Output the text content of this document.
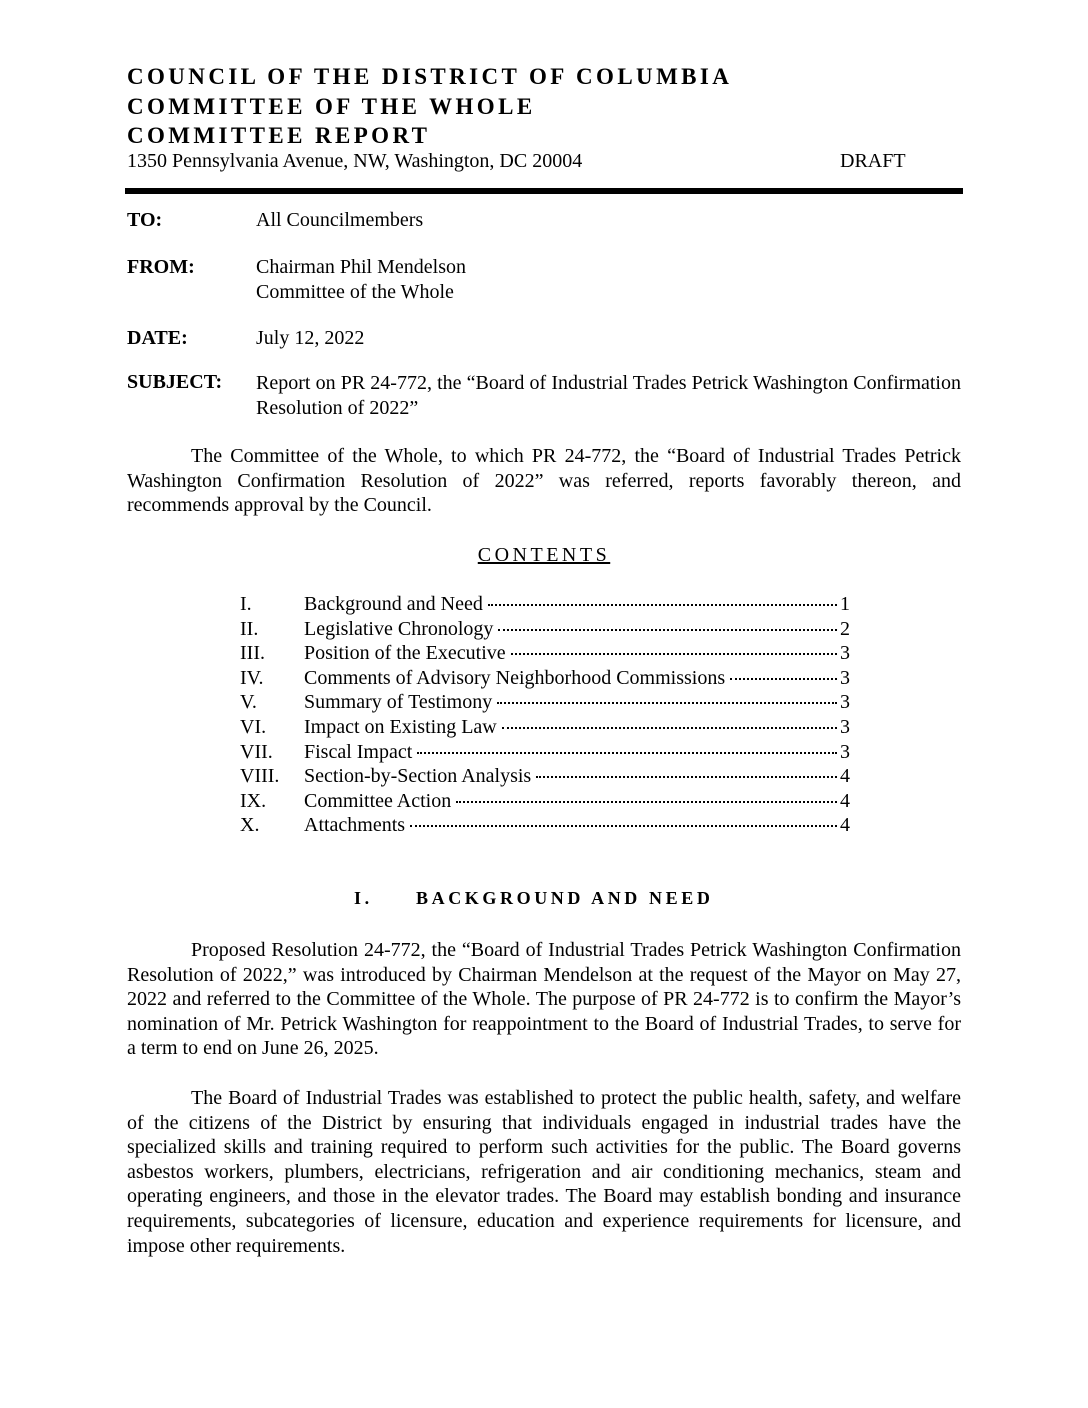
COUNCIL OF THE DISTRICT OF COLUMBIA
COMMITTEE OF THE WHOLE
COMMITTEE REPORT
1350 Pennsylvania Avenue, NW, Washington, DC 20004	DRAFT
TO:	All Councilmembers
FROM:	Chairman Phil Mendelson
Committee of the Whole
DATE:	July 12, 2022
SUBJECT: Report on PR 24-772, the “Board of Industrial Trades Petrick Washington Confirmation Resolution of 2022”

The Committee of the Whole, to which PR 24-772, the “Board of Industrial Trades Petrick Washington Confirmation Resolution of 2022” was referred, reports favorably thereon, and recommends approval by the Council.

CONTENTS
I.	Background and Need	1
II. Legislative Chronology	2
III. Position of the Executive	3
IV. Comments of Advisory Neighborhood Commissions	3
V. Summary of Testimony	3
VI. Impact on Existing Law	3
VII. Fiscal Impact	3
VIII. Section-by-Section Analysis	4
IX. Committee Action	4
X. Attachments	4
I. BACKGROUND AND NEED

Proposed Resolution 24-772, the “Board of Industrial Trades Petrick Washington Confirmation Resolution of 2022,” was introduced by Chairman Mendelson at the request of the Mayor on May 27, 2022 and referred to the Committee of the Whole. The purpose of PR 24-772 is to confirm the Mayor’s nomination of Mr. Petrick Washington for reappointment to the Board of Industrial Trades, to serve for a term to end on June 26, 2025.

The Board of Industrial Trades was established to protect the public health, safety, and welfare of the citizens of the District by ensuring that individuals engaged in industrial trades have the specialized skills and training required to perform such activities for the public. The Board governs asbestos workers, plumbers, electricians, refrigeration and air conditioning mechanics, steam and operating engineers, and those in the elevator trades. The Board may establish bonding and insurance requirements, subcategories of licensure, education and experience requirements for licensure, and impose other requirements.
